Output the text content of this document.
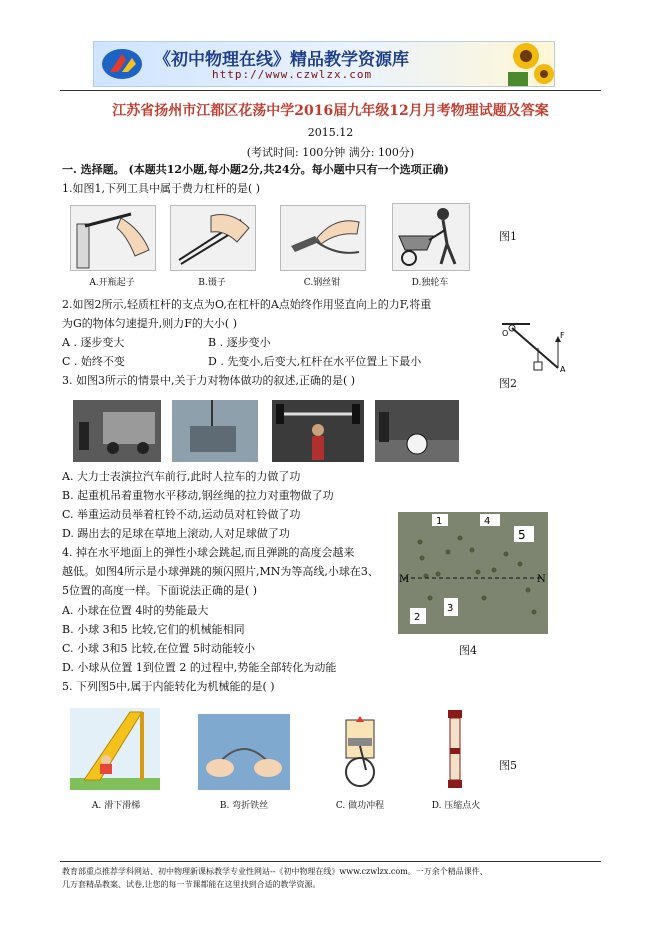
《初中物理在线》精品教学资源库
http://www.czwlzx.com
江苏省扬州市江都区花荡中学2016届九年级12月月考物理试题及答案
2015.12
(考试时间: 100分钟 满分: 100分)
一. 选择题。 (本题共12小题,每小题2分,共24分。每小题中只有一个选项正确)
1.如图1,下列工具中属于费力杠杆的是( )
图1
A.开瓶起子	B.镊子	C.钢丝钳	D.独轮车
2.如图2所示,轻质杠杆的支点为O,在杠杆的A点始终作用竖直向上的力F,将重
为G的物体匀速提升,则力F的大小( )
A . 逐步变大	B . 逐步变小
C . 始终不变	D . 先变小,后变大,杠杆在水平位置上下最小
O	F
A
图2
3. 如图3所示的情景中,关于力对物体做功的叙述,正确的是( )
A. 大力士表演拉汽车前行,此时人拉车的力做了功
B. 起重机吊着重物水平移动,钢丝绳的拉力对重物做了功
C. 举重运动员举着杠铃不动,运动员对杠铃做了功
D. 踢出去的足球在草地上滚动,人对足球做了功
4. 掉在水平地面上的弹性小球会跳起,而且弹跳的高度会越来
越低。如图4所示是小球弹跳的频闪照片,MN为等高线,小球在3、
5位置的高度一样。下面说法正确的是( )
A. 小球在位置 4时的势能最大
B. 小球 3和5 比较,它们的机械能相同
C. 小球 3和5 比较,在位置 5时动能较小
D. 小球从位置 1到位置 2 的过程中,势能全部转化为动能
1	4
5
2
3
M	N
图4
5. 下列图5中,属于内能转化为机械能的是( )
图5
A. 滑下滑梯	B. 弯折铁丝	C. 做功冲程	D. 压缩点火
教育部重点推荐学科网站、初中物理新课标教学专业性网站--《初中物理在线》www.czwlzx.com。一万余个精品课件、
几万套精品教案、试卷,让您的每一节课都能在这里找到合适的教学资源。
